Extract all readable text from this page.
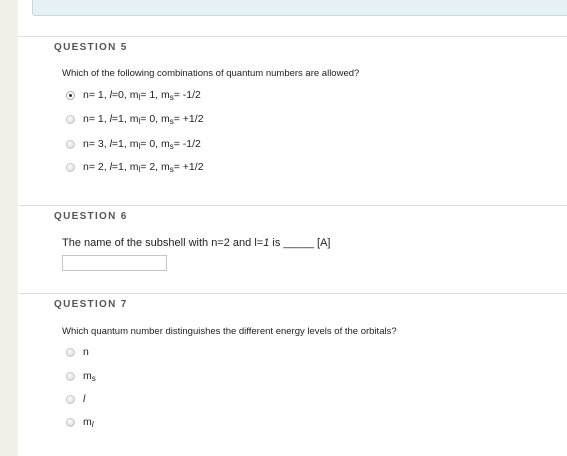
QUESTION 5
Which of the following combinations of quantum numbers are allowed?
n= 1, l=0, $m_l= 1$, $m_s= -1/2$
n= 1, l=1, $m_l= 0$, $m_s= +1/2$
n= 3, l=1, $m_l= 0$, $m_s= -1/2$
n= 2, l=1, $m_l= 2$, $m_s= +1/2$
QUESTION 6
The name of the subshell with n=2 and l=1 is _____ [A]
QUESTION 7
Which quantum number distinguishes the different energy levels of the orbitals?
n
$m_s$
l
$m_l$
